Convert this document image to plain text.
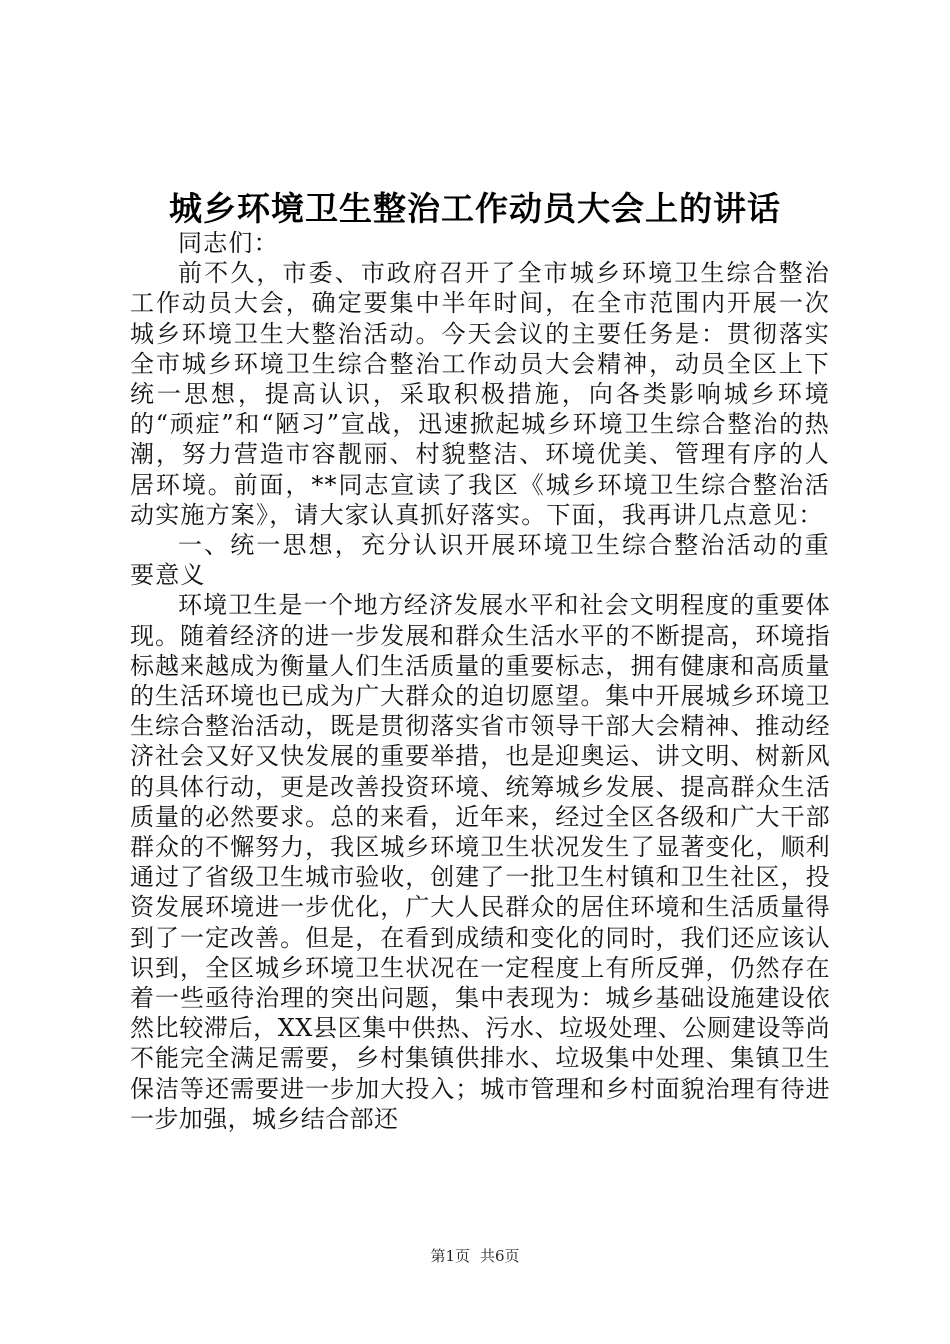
城乡环境卫生整治工作动员大会上的讲话

同志们：

前不久，市委、市政府召开了全市城乡环境卫生综合整治工作动员大会，确定要集中半年时间，在全市范围内开展一次城乡环境卫生大整治活动。今天会议的主要任务是：贯彻落实全市城乡环境卫生综合整治工作动员大会精神，动员全区上下统一思想，提高认识，采取积极措施，向各类影响城乡环境的“顽症”和“陋习”宣战，迅速掀起城乡环境卫生综合整治的热潮，努力营造市容靓丽、村貌整洁、环境优美、管理有序的人居环境。前面，**同志宣读了我区《城乡环境卫生综合整治活动实施方案》，请大家认真抓好落实。下面，我再讲几点意见：

一、统一思想，充分认识开展环境卫生综合整治活动的重要意义

环境卫生是一个地方经济发展水平和社会文明程度的重要体现。随着经济的进一步发展和群众生活水平的不断提高，环境指标越来越成为衡量人们生活质量的重要标志，拥有健康和高质量的生活环境也已成为广大群众的迫切愿望。集中开展城乡环境卫生综合整治活动，既是贯彻落实省市领导干部大会精神、推动经济社会又好又快发展的重要举措，也是迎奥运、讲文明、树新风的具体行动，更是改善投资环境、统筹城乡发展、提高群众生活质量的必然要求。总的来看，近年来，经过全区各级和广大干部群众的不懈努力，我区城乡环境卫生状况发生了显著变化，顺利通过了省级卫生城市验收，创建了一批卫生村镇和卫生社区，投资发展环境进一步优化，广大人民群众的居住环境和生活质量得到了一定改善。但是，在看到成绩和变化的同时，我们还应该认识到，全区城乡环境卫生状况在一定程度上有所反弹，仍然存在着一些亟待治理的突出问题，集中表现为：城乡基础设施建设依然比较滞后，XX县区集中供热、污水、垃圾处理、公厕建设等尚不能完全满足需要，乡村集镇供排水、垃圾集中处理、集镇卫生保洁等还需要进一步加大投入；城市管理和乡村面貌治理有待进一步加强，城乡结合部还

第1页 共6页
